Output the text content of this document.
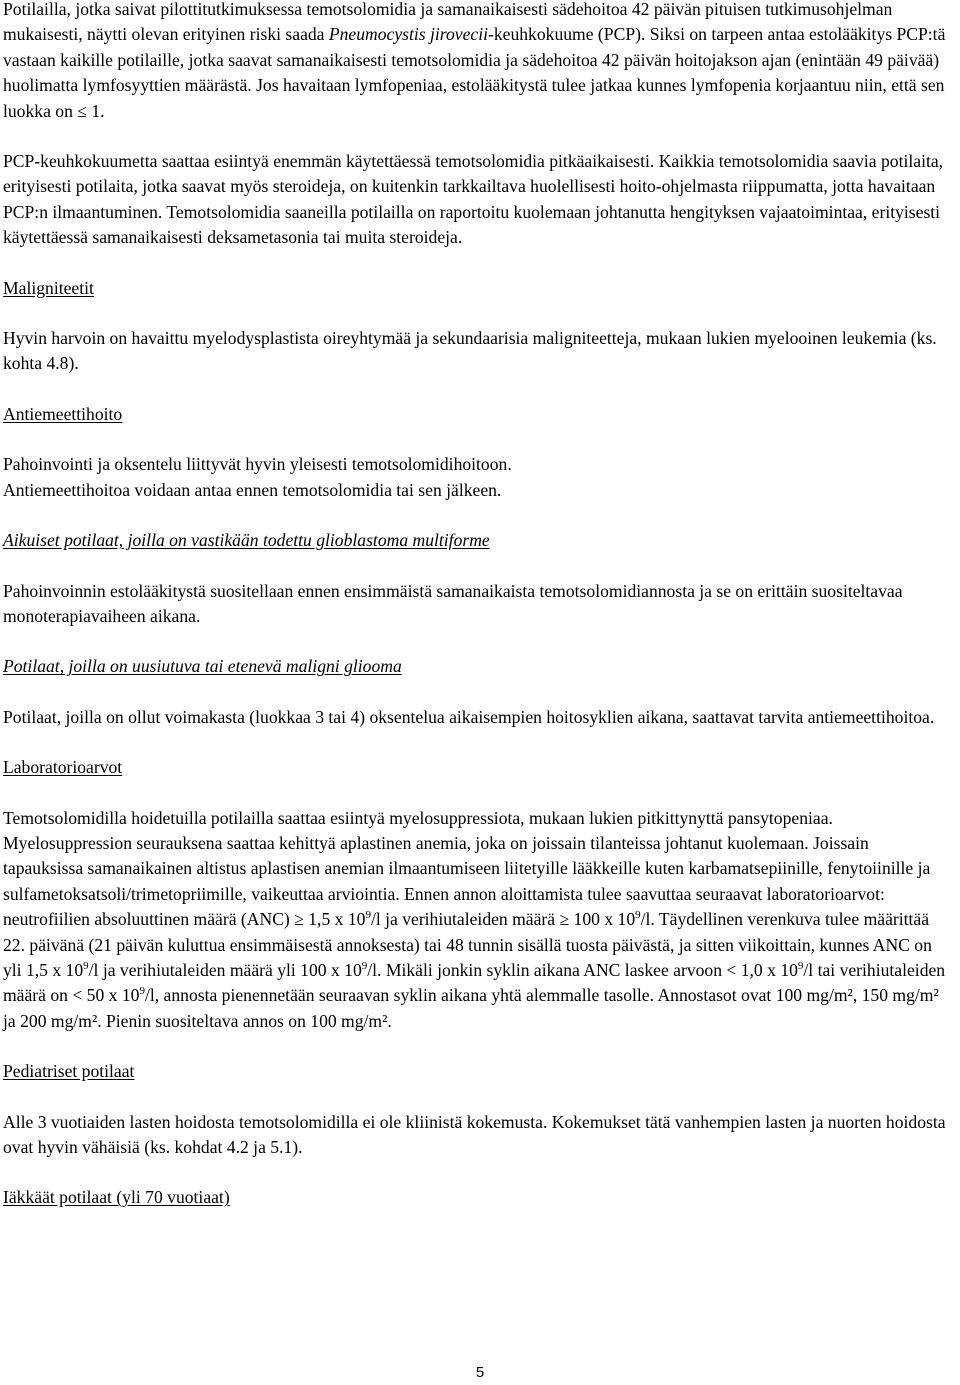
Potilailla, jotka saivat pilottitutkimuksessa temotsolomidia ja samanaikaisesti sädehoitoa 42 päivän pituisen tutkimusohjelman mukaisesti, näytti olevan erityinen riski saada Pneumocystis jirovecii-keuhkokuume (PCP). Siksi on tarpeen antaa estolääkitys PCP:tä vastaan kaikille potilaille, jotka saavat samanaikaisesti temotsolomidia ja sädehoitoa 42 päivän hoitojakson ajan (enintään 49 päivää) huolimatta lymfosyyttien määrästä. Jos havaitaan lymfopeniaa, estolääkitystä tulee jatkaa kunnes lymfopenia korjaantuu niin, että sen luokka on ≤ 1.

PCP-keuhkokuumetta saattaa esiintyä enemmän käytettäessä temotsolomidia pitkäaikaisesti. Kaikkia temotsolomidia saavia potilaita, erityisesti potilaita, jotka saavat myös steroideja, on kuitenkin tarkkailtava huolellisesti hoito-ohjelmasta riippumatta, jotta havaitaan PCP:n ilmaantuminen. Temotsolomidia saaneilla potilailla on raportoitu kuolemaan johtanutta hengityksen vajaatoimintaa, erityisesti käytettäessä samanaikaisesti deksametasonia tai muita steroideja.

Maligniteetit

Hyvin harvoin on havaittu myelodysplastista oireyhtymää ja sekundaarisia maligniteetteja, mukaan lukien myelooinen leukemia (ks. kohta 4.8).

Antiemeettihoito

Pahoinvointi ja oksentelu liittyvät hyvin yleisesti temotsolomidihoitoon.
Antiemeettihoitoa voidaan antaa ennen temotsolomidia tai sen jälkeen.

Aikuiset potilaat, joilla on vastikään todettu glioblastoma multiforme

Pahoinvoinnin estolääkitystä suositellaan ennen ensimmäistä samanaikaista temotsolomidiannosta ja se on erittäin suositeltavaa monoterapiavaiheen aikana.

Potilaat, joilla on uusiutuva tai etenevä maligni glioomа

Potilaat, joilla on ollut voimakasta (luokkaa 3 tai 4) oksentelua aikaisempien hoitosyklien aikana, saattavat tarvita antiemeettihoitoa.

Laboratorioarvot

Temotsolomidilla hoidetuilla potilailla saattaa esiintyä myelosuppressiota, mukaan lukien pitkittynyttä pansytopeniaa. Myelosuppression seurauksena saattaa kehittyä aplastinen anemia, joka on joissain tilanteissa johtanut kuolemaan. Joissain tapauksissa samanaikainen altistus aplastisen anemian ilmaantumiseen liitetyille lääkkeille kuten karbamatsepiinille, fenytoiinille ja sulfametoksatsoli/trimetopriimille, vaikeuttaa arviointia. Ennen annon aloittamista tulee saavuttaa seuraavat laboratorioarvot: neutrofiilien absoluuttinen määrä (ANC) ≥ 1,5 x $10^9/l$ ja verihiutaleiden määrä ≥ 100 x $10^9/l$. Täydellinen verenkuva tulee määrittää 22. päivänä (21 päivän kuluttua ensimmäisestä annoksesta) tai 48 tunnin sisällä tuosta päivästä, ja sitten viikoittain, kunnes ANC on yli 1,5 x $10^9/l$ ja verihiutaleiden määrä yli 100 x $10^9/l$. Mikäli jonkin syklin aikana ANC laskee arvoon < 1,0 x $10^9/l$ tai verihiutaleiden määrä on < 50 x $10^9/l$, annosta pienennetään seuraavan syklin aikana yhtä alemmalle tasolle. Annostasot ovat 100 mg/m², 150 mg/m² ja 200 mg/m². Pienin suositeltava annos on 100 mg/m².

Pediatriset potilaat

Alle 3 vuotiaiden lasten hoidosta temotsolomidilla ei ole kliinistä kokemusta. Kokemukset tätä vanhempien lasten ja nuorten hoidosta ovat hyvin vähäisiä (ks. kohdat 4.2 ja 5.1).

Iäkkäät potilaat (yli 70 vuotiaat)

5
